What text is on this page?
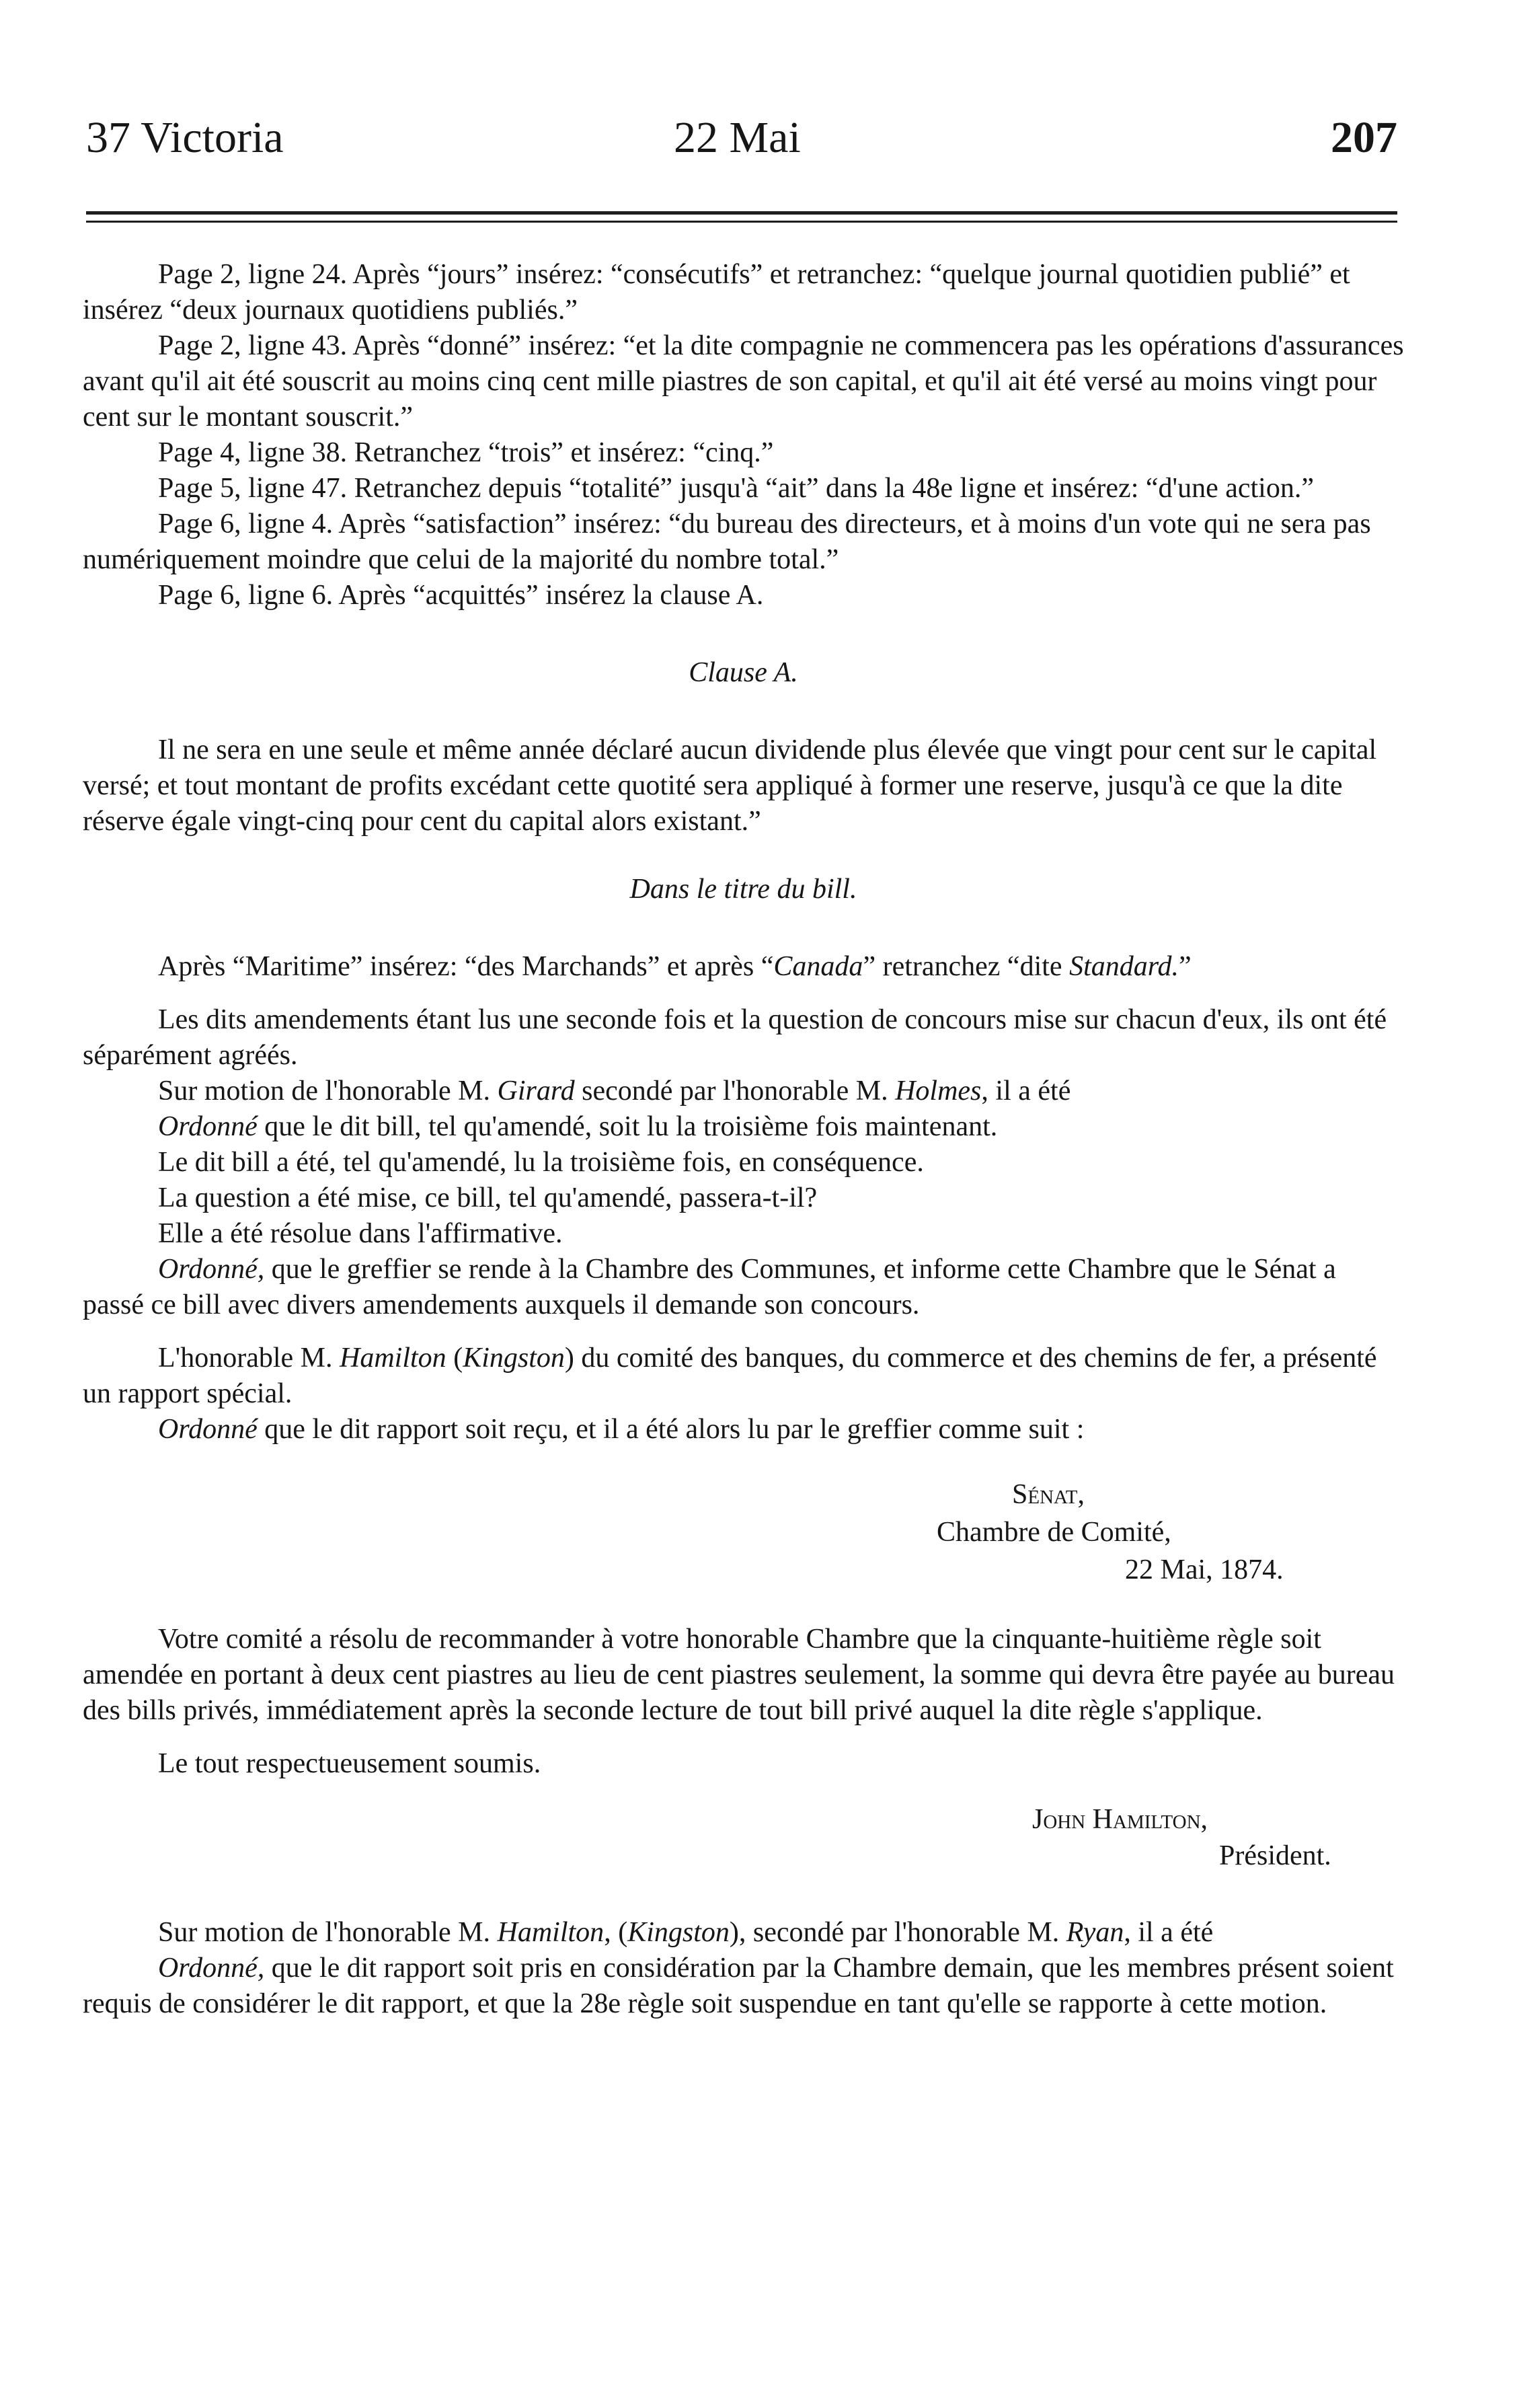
37 Victoria	22 Mai	207

Page 2, ligne 24. Après “jours” insérez: “consécutifs” et retranchez: “quelque journal quotidien publié” et insérez “deux journaux quotidiens publiés.”

Page 2, ligne 43. Après “donné” insérez: “et la dite compagnie ne commencera pas les opérations d'assurances avant qu'il ait été souscrit au moins cinq cent mille piastres de son capital, et qu'il ait été versé au moins vingt pour cent sur le montant souscrit.”

Page 4, ligne 38. Retranchez “trois” et insérez: “cinq.”

Page 5, ligne 47. Retranchez depuis “totalité” jusqu'à “ait” dans la 48e ligne et insérez: “d'une action.”

Page 6, ligne 4. Après “satisfaction” insérez: “du bureau des directeurs, et à moins d'un vote qui ne sera pas numériquement moindre que celui de la majorité du nombre total.”

Page 6, ligne 6. Après “acquittés” insérez la clause A.

Clause A.

Il ne sera en une seule et même année déclaré aucun dividende plus élevée que vingt pour cent sur le capital versé; et tout montant de profits excédant cette quotité sera appliqué à former une reserve, jusqu'à ce que la dite réserve égale vingt-cinq pour cent du capital alors existant.”

Dans le titre du bill.

Après “Maritime” insérez: “des Marchands” et après “Canada” retranchez “dite Standard.”

Les dits amendements étant lus une seconde fois et la question de concours mise sur chacun d'eux, ils ont été séparément agréés.

Sur motion de l'honorable M. Girard secondé par l'honorable M. Holmes, il a été

Ordonné que le dit bill, tel qu'amendé, soit lu la troisième fois maintenant.

Le dit bill a été, tel qu'amendé, lu la troisième fois, en conséquence.

La question a été mise, ce bill, tel qu'amendé, passera-t-il?

Elle a été résolue dans l'affirmative.

Ordonné, que le greffier se rende à la Chambre des Communes, et informe cette Chambre que le Sénat a passé ce bill avec divers amendements auxquels il demande son concours.

L'honorable M. Hamilton (Kingston) du comité des banques, du commerce et des chemins de fer, a présenté un rapport spécial.

Ordonné que le dit rapport soit reçu, et il a été alors lu par le greffier comme suit :

Sénat,

Chambre de Comité,

22 Mai, 1874.

Votre comité a résolu de recommander à votre honorable Chambre que la cinquante-huitième règle soit amendée en portant à deux cent piastres au lieu de cent piastres seulement, la somme qui devra être payée au bureau des bills privés, immédiatement après la seconde lecture de tout bill privé auquel la dite règle s'applique.

Le tout respectueusement soumis.

John Hamilton,

Président.

Sur motion de l'honorable M. Hamilton, (Kingston), secondé par l'honorable M. Ryan, il a été

Ordonné, que le dit rapport soit pris en considération par la Chambre demain, que les membres présent soient requis de considérer le dit rapport, et que la 28e règle soit suspendue en tant qu'elle se rapporte à cette motion.
